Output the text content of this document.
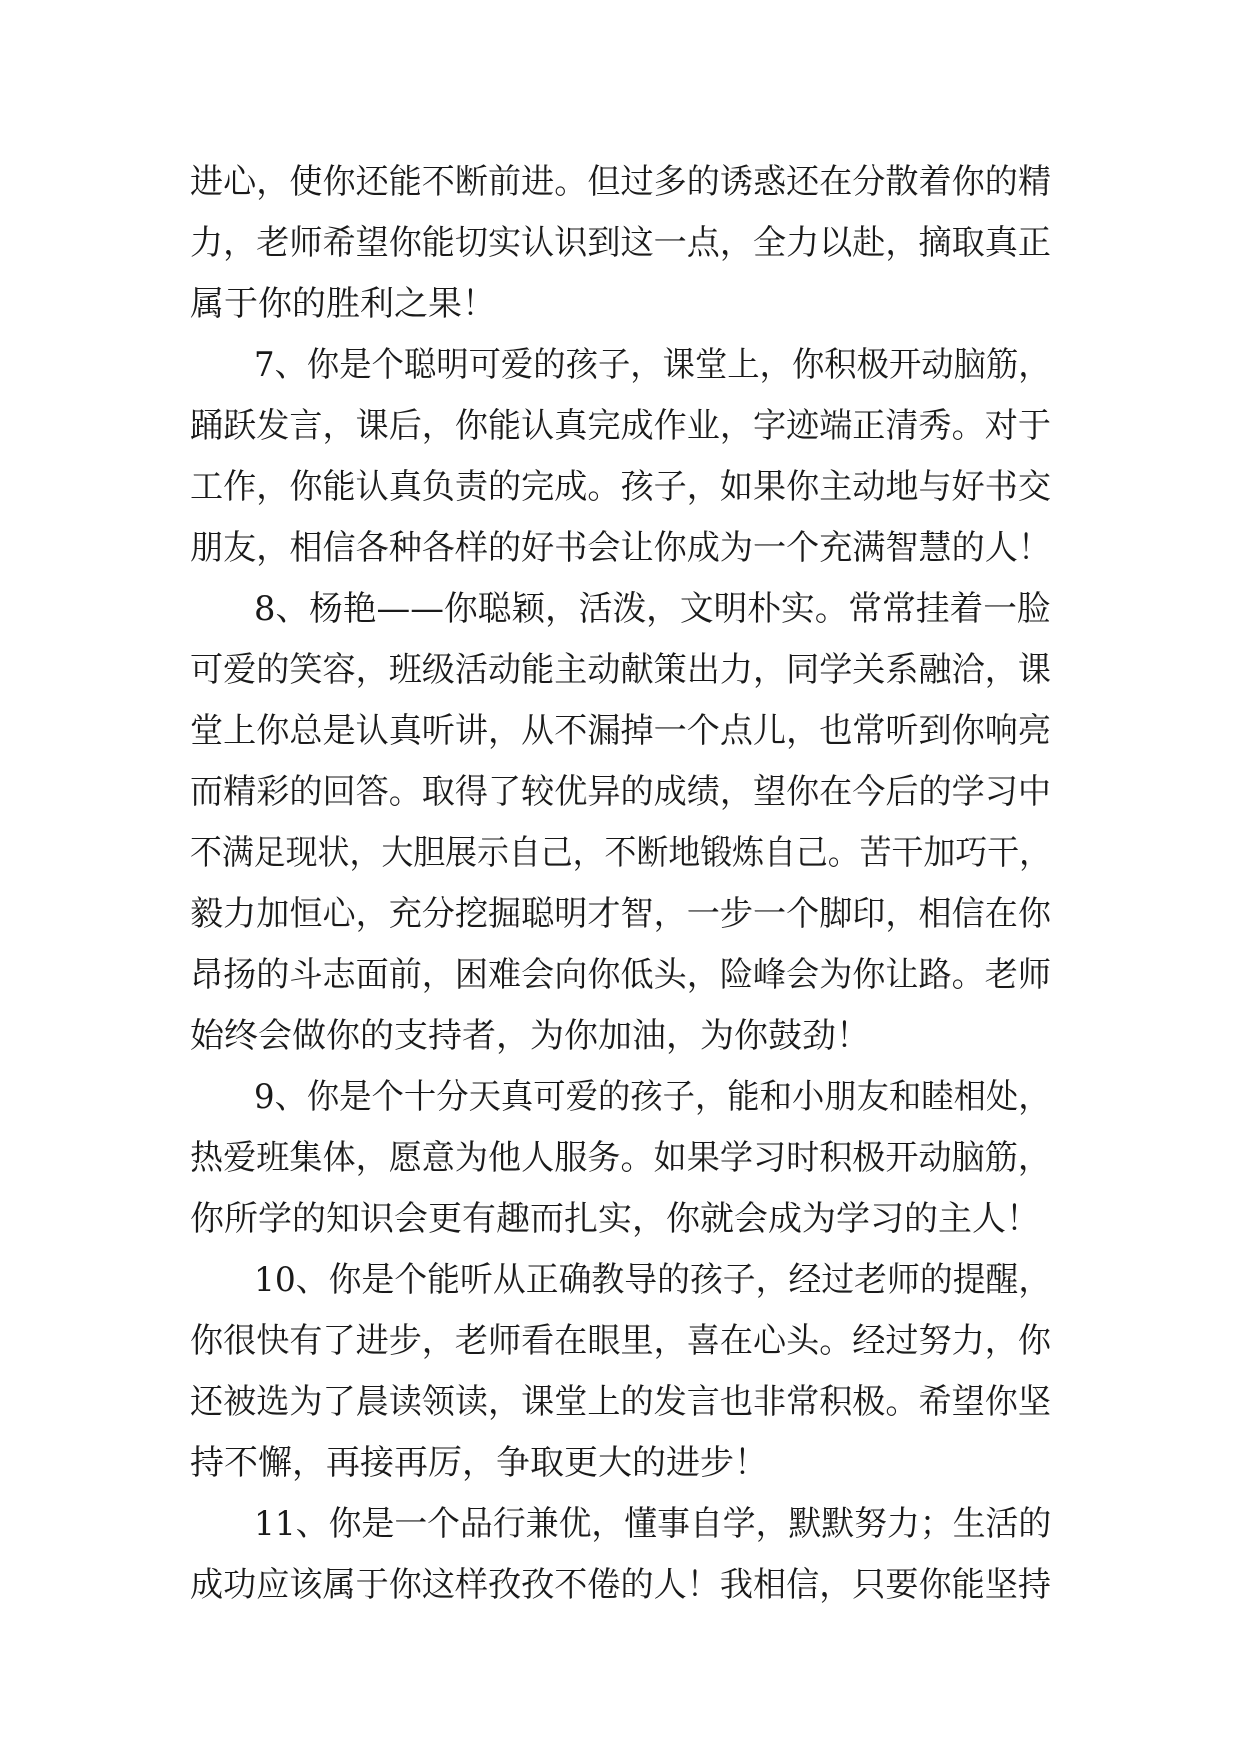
进心，使你还能不断前进。但过多的诱惑还在分散着你的精
力，老师希望你能切实认识到这一点，全力以赴，摘取真正
属于你的胜利之果！
7、你是个聪明可爱的孩子，课堂上，你积极开动脑筋，
踊跃发言，课后，你能认真完成作业，字迹端正清秀。对于
工作，你能认真负责的完成。孩子，如果你主动地与好书交
朋友，相信各种各样的好书会让你成为一个充满智慧的人！
8、杨艳——你聪颖，活泼，文明朴实。常常挂着一脸
可爱的笑容，班级活动能主动献策出力，同学关系融洽，课
堂上你总是认真听讲，从不漏掉一个点儿，也常听到你响亮
而精彩的回答。取得了较优异的成绩，望你在今后的学习中
不满足现状，大胆展示自己，不断地锻炼自己。苦干加巧干，
毅力加恒心，充分挖掘聪明才智，一步一个脚印，相信在你
昂扬的斗志面前，困难会向你低头，险峰会为你让路。老师
始终会做你的支持者，为你加油，为你鼓劲！
9、你是个十分天真可爱的孩子，能和小朋友和睦相处，
热爱班集体，愿意为他人服务。如果学习时积极开动脑筋，
你所学的知识会更有趣而扎实，你就会成为学习的主人！
10、你是个能听从正确教导的孩子，经过老师的提醒，
你很快有了进步，老师看在眼里，喜在心头。经过努力，你
还被选为了晨读领读，课堂上的发言也非常积极。希望你坚
持不懈，再接再厉，争取更大的进步！
11、你是一个品行兼优，懂事自学，默默努力；生活的
成功应该属于你这样孜孜不倦的人！我相信，只要你能坚持
